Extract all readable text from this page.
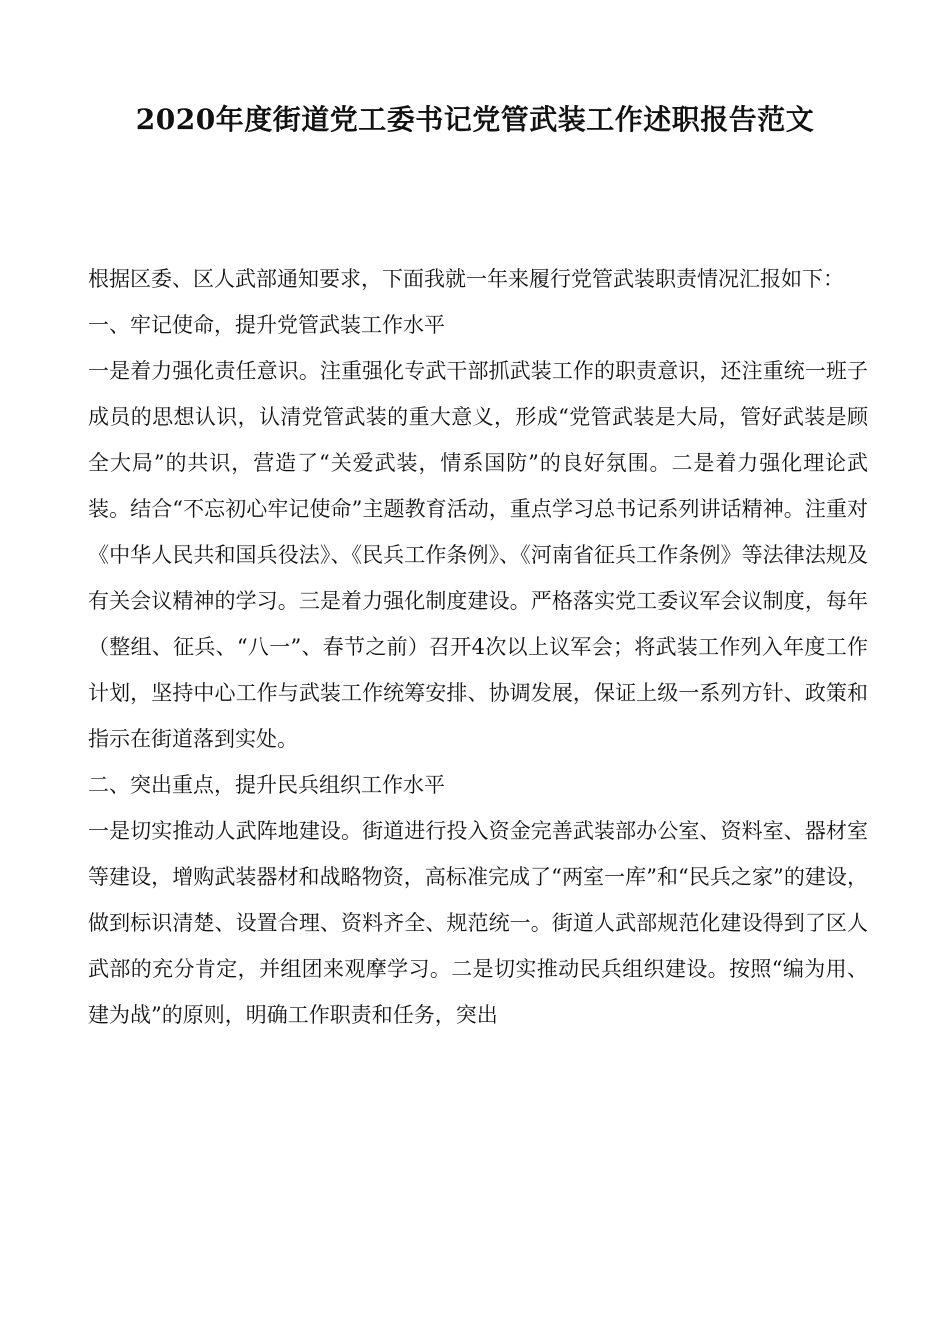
2020年度街道党工委书记党管武装工作述职报告范文

根据区委、区人武部通知要求，下面我就一年来履行党管武装职责情况汇报如下：

一、牢记使命，提升党管武装工作水平

一是着力强化责任意识。注重强化专武干部抓武装工作的职责意识，还注重统一班子成员的思想认识，认清党管武装的重大意义，形成“党管武装是大局，管好武装是顾全大局”的共识，营造了“关爱武装，情系国防”的良好氛围。二是着力强化理论武装。结合“不忘初心牢记使命”主题教育活动，重点学习总书记系列讲话精神。注重对《中华人民共和国兵役法》、《民兵工作条例》、《河南省征兵工作条例》等法律法规及有关会议精神的学习。三是着力强化制度建设。严格落实党工委议军会议制度，每年（整组、征兵、“八一”、春节之前）召开4次以上议军会；将武装工作列入年度工作计划，坚持中心工作与武装工作统筹安排、协调发展，保证上级一系列方针、政策和指示在街道落到实处。

二、突出重点，提升民兵组织工作水平

一是切实推动人武阵地建设。街道进行投入资金完善武装部办公室、资料室、器材室等建设，增购武装器材和战略物资，高标准完成了“两室一库”和“民兵之家”的建设，做到标识清楚、设置合理、资料齐全、规范统一。街道人武部规范化建设得到了区人武部的充分肯定，并组团来观摩学习。二是切实推动民兵组织建设。按照“编为用、建为战”的原则，明确工作职责和任务，突出
